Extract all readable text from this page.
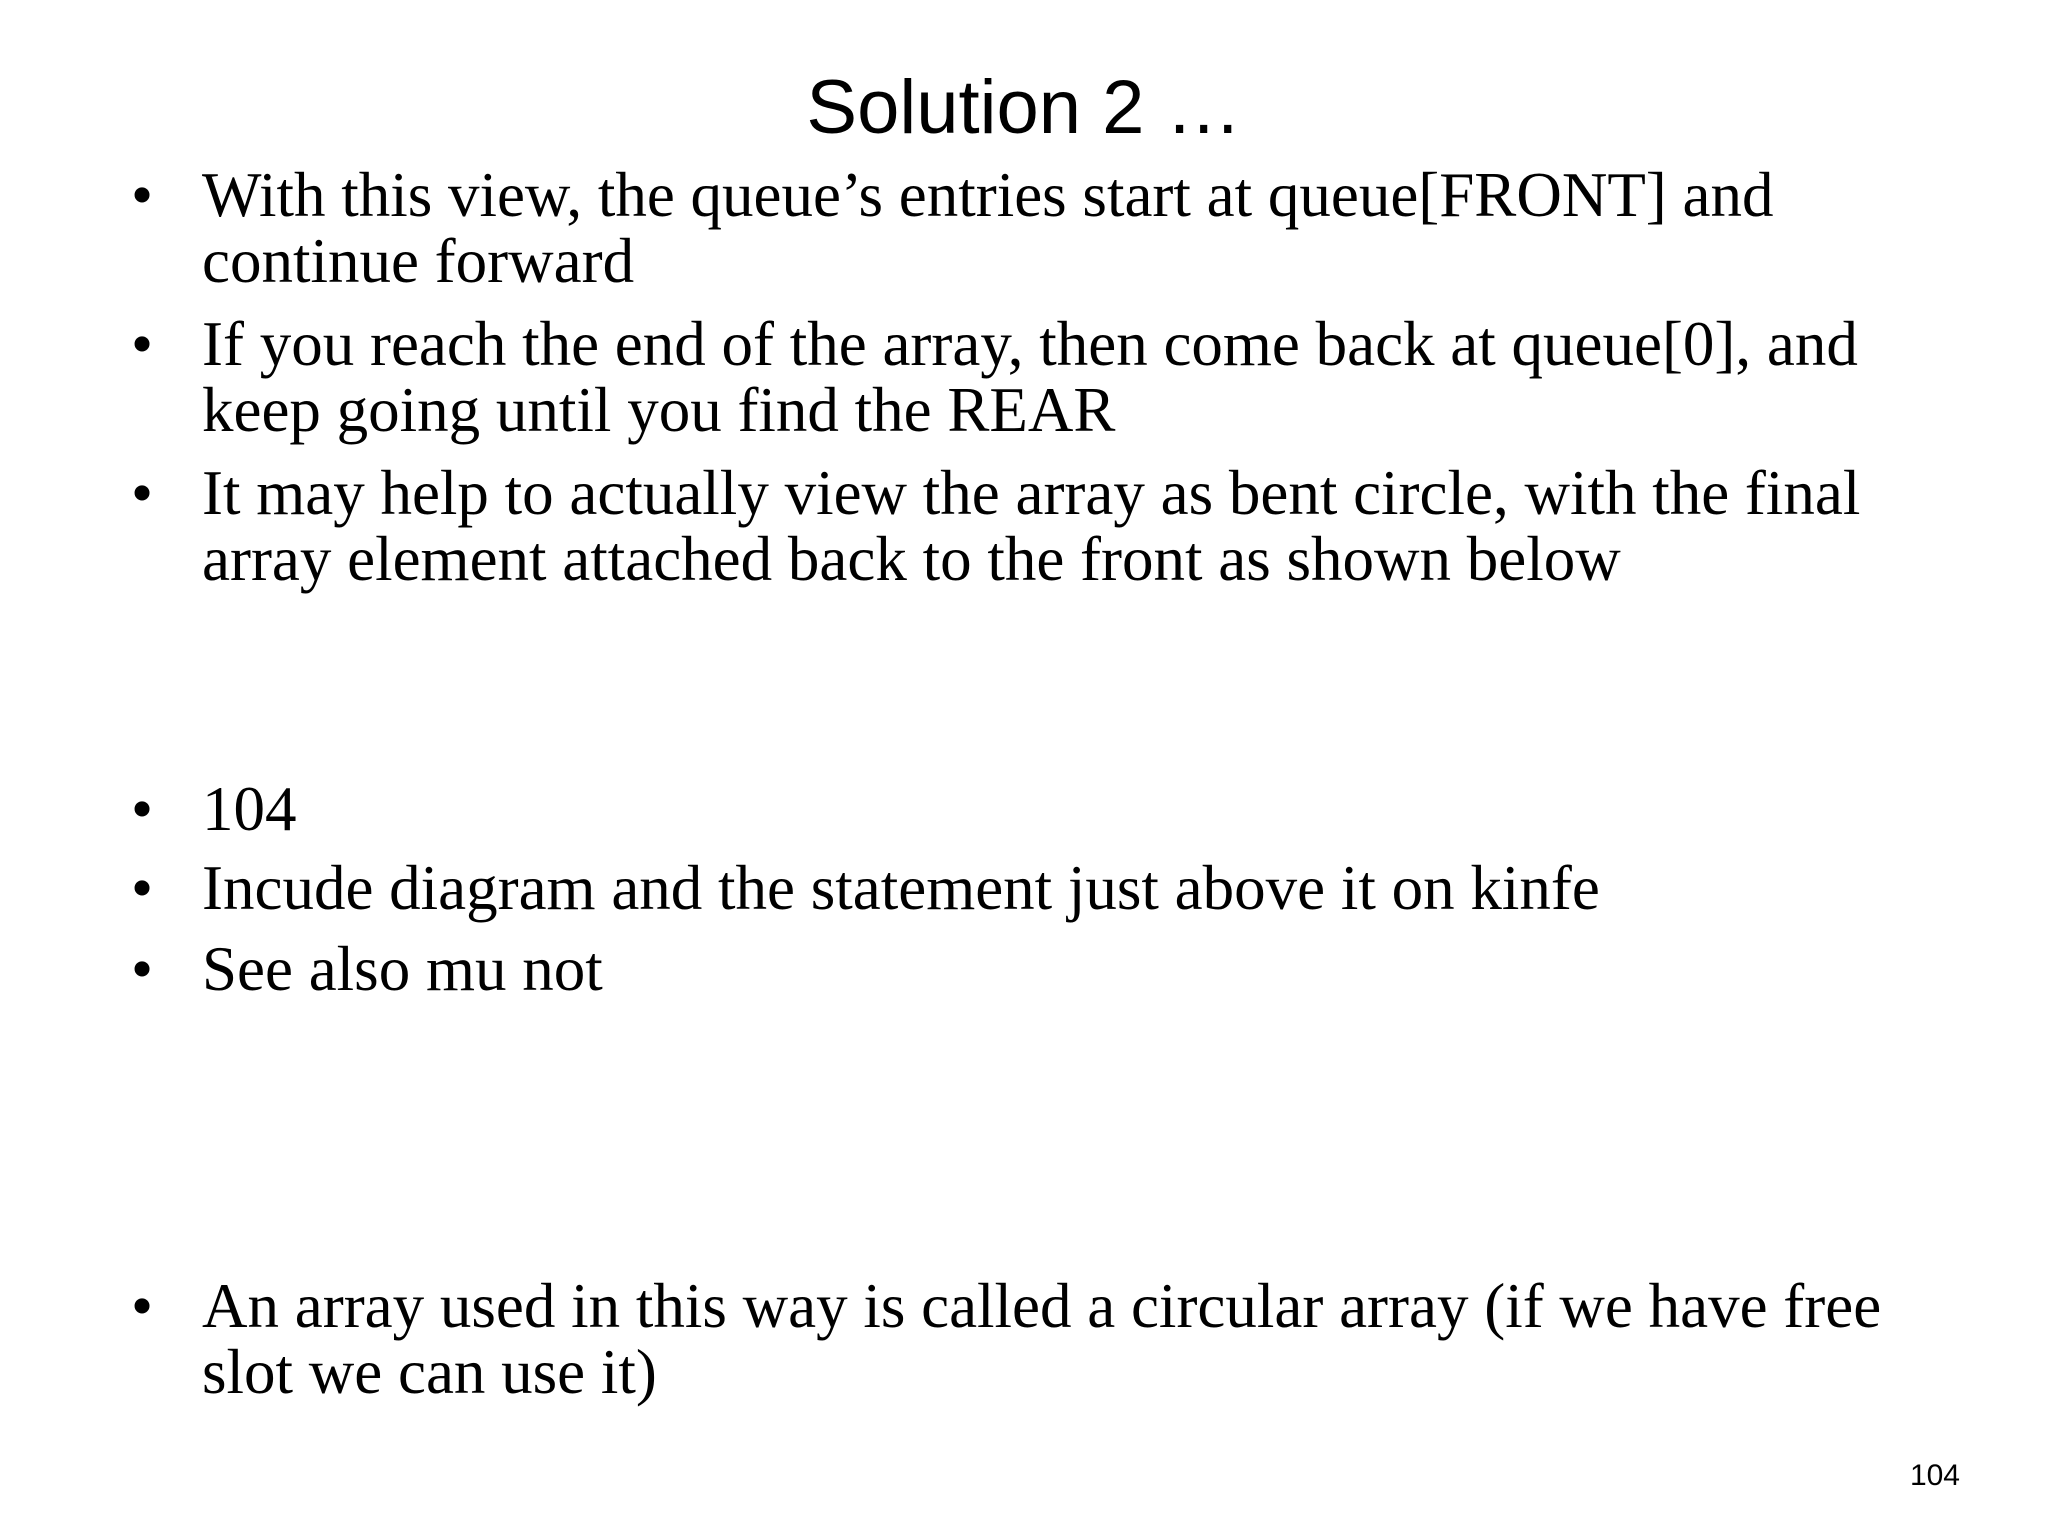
Solution 2 …
• With this view, the queue’s entries start at queue[FRONT] and continue forward
• If you reach the end of the array, then come back at queue[0], and keep going until you find the REAR
• It may help to actually view the array as bent circle, with the final array element attached back to the front as shown below
• 104
• Incude diagram and the statement just above it on kinfe
• See also mu not
• An array used in this way is called a circular array (if we have free slot we can use it)
104
